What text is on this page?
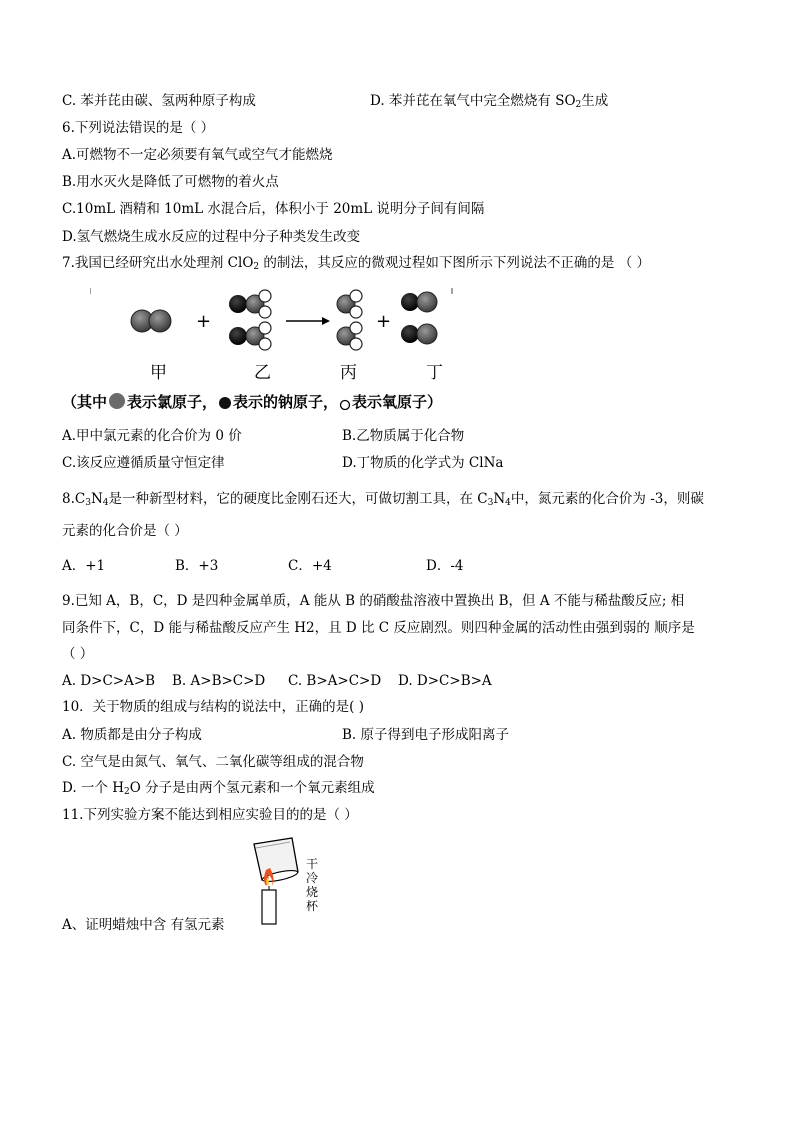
C. 苯并芘由碳、氢两种原子构成	D. 苯并芘在氧气中完全燃烧有 $SO_2$生成
6.下列说法错误的是（ ）
A.可燃物不一定必须要有氧气或空气才能燃烧
B.用水灭火是降低了可燃物的着火点
C.10mL 酒精和 10mL 水混合后，体积小于 20mL 说明分子间有间隔
D.氢气燃烧生成水反应的过程中分子种类发生改变
7.我国已经研究出水处理剂 ClO$_2$ 的制法，其反应的微观过程如下图所示下列说法不正确的是 （ ）
+	+
甲	乙	丙	丁
（其中 表示氯原子， 表示的钠原子， 表示氧原子）
A.甲中氯元素的化合价为 0 价	B.乙物质属于化合物
C.该反应遵循质量守恒定律	D.丁物质的化学式为 ClNa
$8.C_3N_4$是一种新型材料，它的硬度比金刚石还大，可做切割工具，在 $C_3N_4$中，氮元素的化合价为 -3，则碳
元素的化合价是（ ）
A．+1	B．+3	C．+4	D．-4
9.已知 A，B，C，D 是四种金属单质，A 能从 B 的硝酸盐溶液中置换出 B，但 A 不能与稀盐酸反应; 相
同条件下，C，D 能与稀盐酸反应产生 H2，且 D 比 C 反应剧烈。则四种金属的活动性由强到弱的 顺序是
（ ）
A. D>C>A>B B. A>B>C>D C. B>A>C>D D. D>C>B>A
10．关于物质的组成与结构的说法中，正确的是( )
A. 物质都是由分子构成	B. 原子得到电子形成阳离子
C. 空气是由氮气、氧气、二氧化碳等组成的混合物
D. 一个 $H_2O$ 分子是由两个氢元素和一个氧元素组成
11.下列实验方案不能达到相应实验目的的是（ ）
干冷烧杯
A、证明蜡烛中含 有氢元素
